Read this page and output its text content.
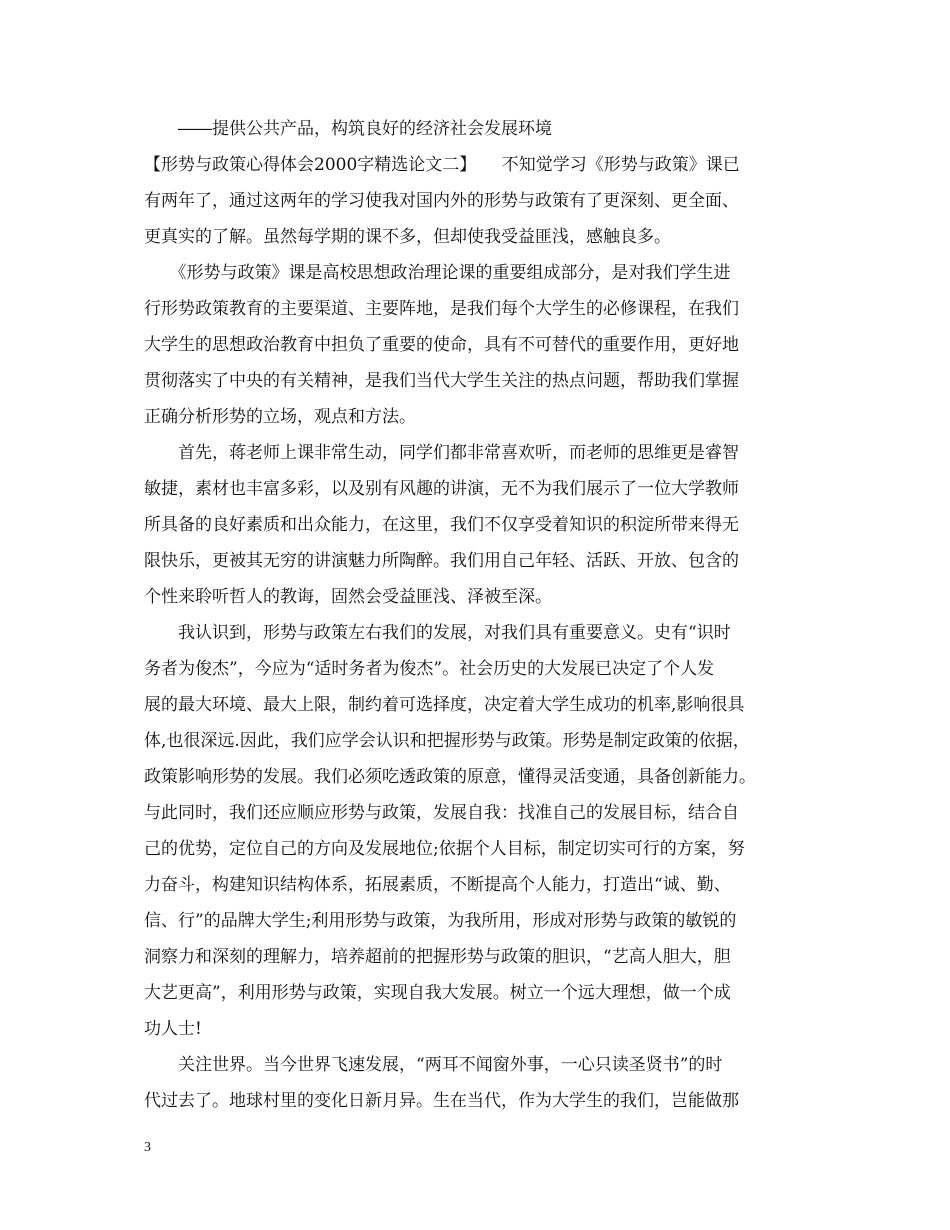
　　――提供公共产品，构筑良好的经济社会发展环境
【形势与政策心得体会2000字精选论文二】　　不知觉学习《形势与政策》课已
有两年了，通过这两年的学习使我对国内外的形势与政策有了更深刻、更全面、
更真实的了解。虽然每学期的课不多，但却使我受益匪浅，感触良多。
　　《形势与政策》课是高校思想政治理论课的重要组成部分，是对我们学生进
行形势政策教育的主要渠道、主要阵地，是我们每个大学生的必修课程，在我们
大学生的思想政治教育中担负了重要的使命，具有不可替代的重要作用，更好地
贯彻落实了中央的有关精神，是我们当代大学生关注的热点问题，帮助我们掌握
正确分析形势的立场，观点和方法。
　　首先，蒋老师上课非常生动，同学们都非常喜欢听，而老师的思维更是睿智
敏捷，素材也丰富多彩，以及别有风趣的讲演，无不为我们展示了一位大学教师
所具备的良好素质和出众能力，在这里，我们不仅享受着知识的积淀所带来得无
限快乐，更被其无穷的讲演魅力所陶醉。我们用自己年轻、活跃、开放、包含的
个性来聆听哲人的教诲，固然会受益匪浅、泽被至深。
　　我认识到，形势与政策左右我们的发展，对我们具有重要意义。史有“识时
务者为俊杰”，今应为“适时务者为俊杰”。社会历史的大发展已决定了个人发
展的最大环境、最大上限，制约着可选择度，决定着大学生成功的机率,影响很具
体,也很深远.因此，我们应学会认识和把握形势与政策。形势是制定政策的依据，
政策影响形势的发展。我们必须吃透政策的原意，懂得灵活变通，具备创新能力。
与此同时，我们还应顺应形势与政策，发展自我：找准自己的发展目标，结合自
己的优势，定位自己的方向及发展地位;依据个人目标，制定切实可行的方案，努
力奋斗，构建知识结构体系，拓展素质，不断提高个人能力，打造出“诚、勤、
信、行”的品牌大学生;利用形势与政策，为我所用，形成对形势与政策的敏锐的
洞察力和深刻的理解力，培养超前的把握形势与政策的胆识，“艺高人胆大，胆
大艺更高”，利用形势与政策，实现自我大发展。树立一个远大理想，做一个成
功人士!
　　关注世界。当今世界飞速发展，“两耳不闻窗外事，一心只读圣贤书”的时
代过去了。地球村里的变化日新月异。生在当代，作为大学生的我们，岂能做那
3
